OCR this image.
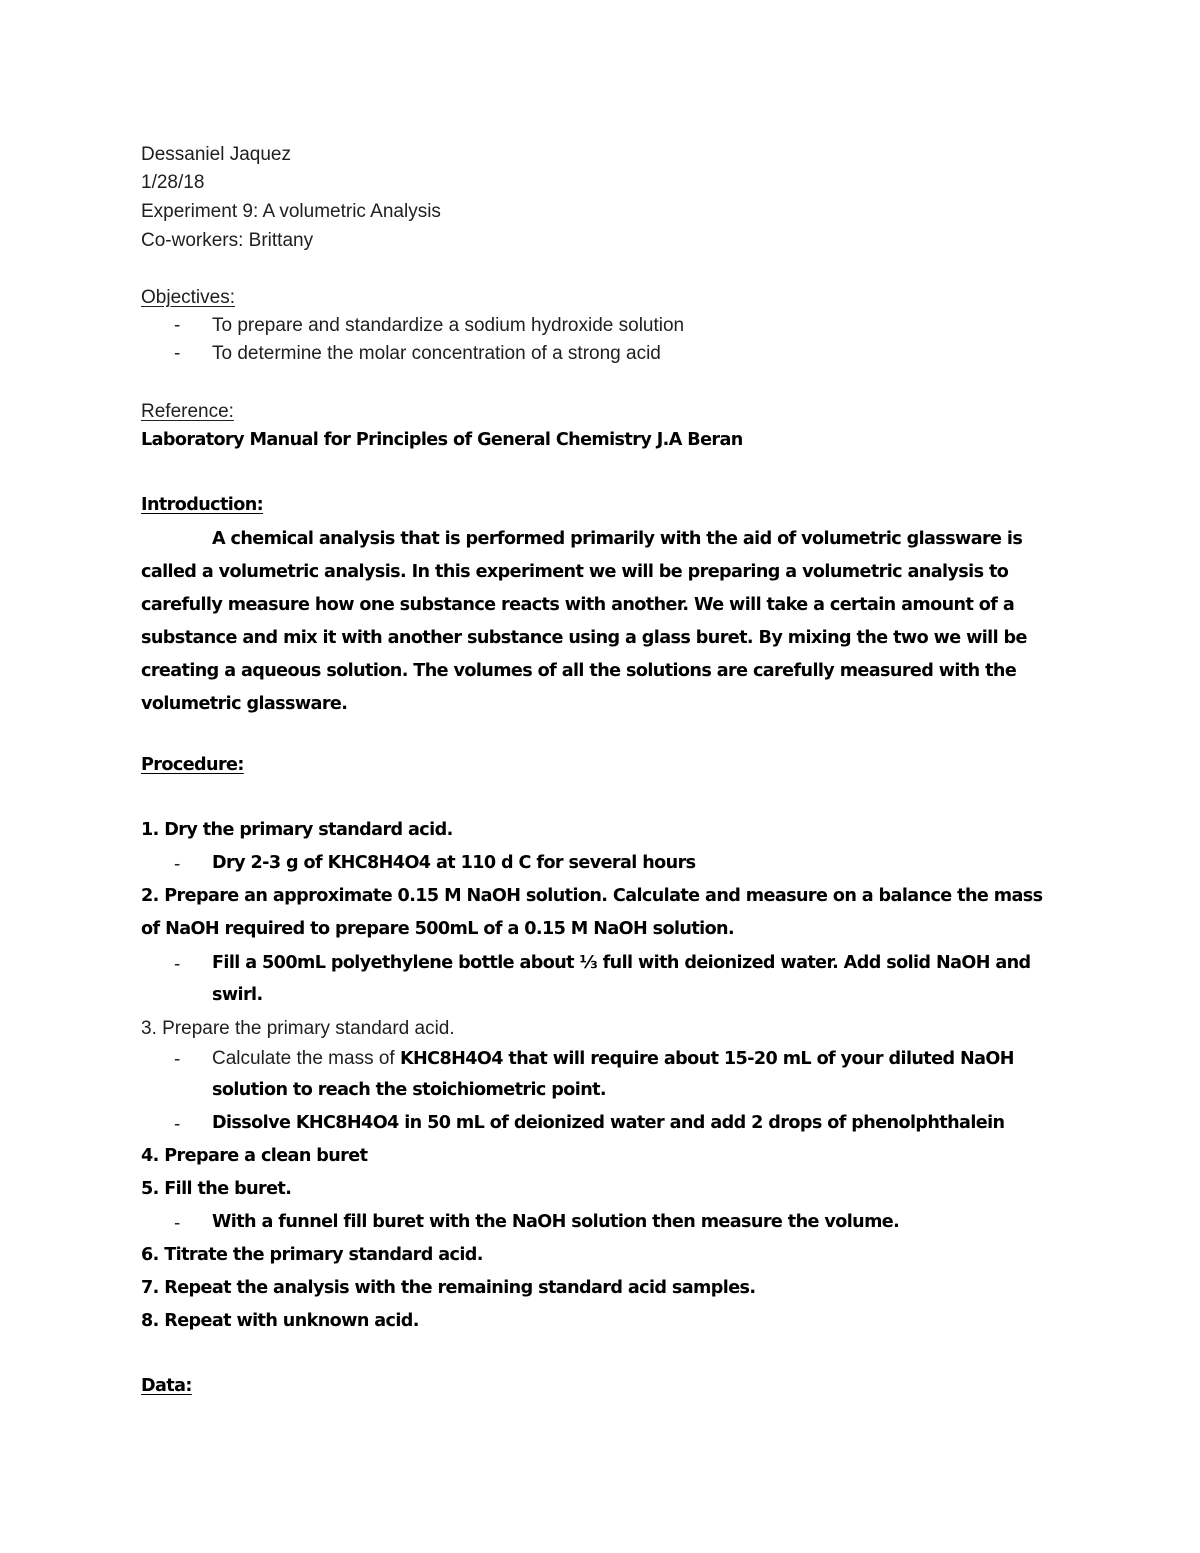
Dessaniel Jaquez
1/28/18
Experiment 9: A volumetric Analysis
Co-workers: Brittany
Objectives:
- To prepare and standardize a sodium hydroxide solution
- To determine the molar concentration of a strong acid
Reference:
Laboratory Manual for Principles of General Chemistry J.A Beran
Introduction:
A chemical analysis that is performed primarily with the aid of volumetric glassware is
called a volumetric analysis. In this experiment we will be preparing a volumetric analysis to
carefully measure how one substance reacts with another. We will take a certain amount of a
substance and mix it with another substance using a glass buret. By mixing the two we will be
creating a aqueous solution. The volumes of all the solutions are carefully measured with the
volumetric glassware.
Procedure:
1. Dry the primary standard acid.
- Dry 2-3 g of KHC8H4O4 at 110 d C for several hours
2. Prepare an approximate 0.15 M NaOH solution. Calculate and measure on a balance the mass
of NaOH required to prepare 500mL of a 0.15 M NaOH solution.
- Fill a 500mL polyethylene bottle about ⅓ full with deionized water. Add solid NaOH and
swirl.
3. Prepare the primary standard acid.
- Calculate the mass of KHC8H4O4 that will require about 15-20 mL of your diluted NaOH
solution to reach the stoichiometric point.
- Dissolve KHC8H4O4 in 50 mL of deionized water and add 2 drops of phenolphthalein
4. Prepare a clean buret
5. Fill the buret.
- With a funnel fill buret with the NaOH solution then measure the volume.
6. Titrate the primary standard acid.
7. Repeat the analysis with the remaining standard acid samples.
8. Repeat with unknown acid.
Data:
